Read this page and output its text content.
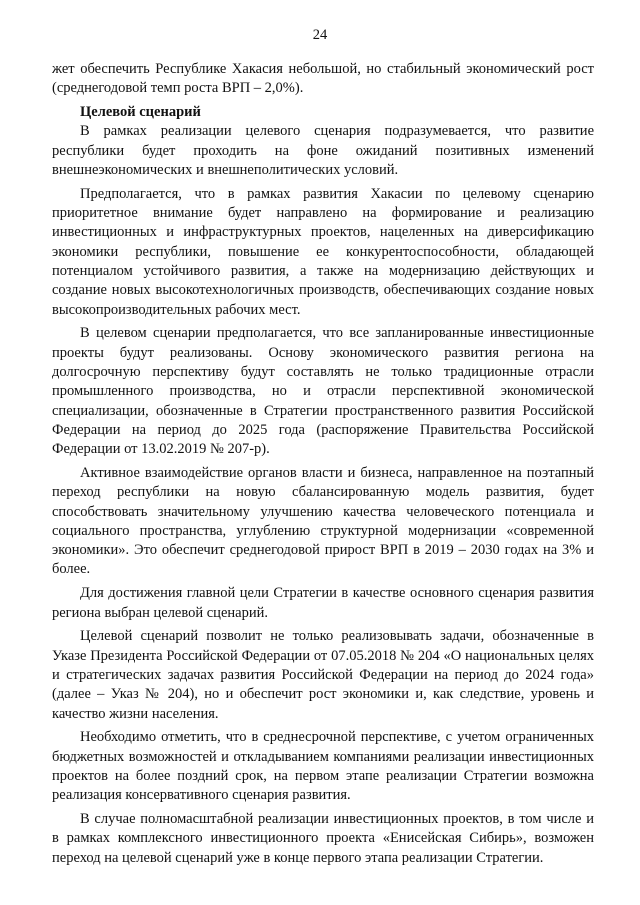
24

жет обеспечить Республике Хакасия небольшой, но стабильный экономический рост (среднегодовой темп роста ВРП – 2,0%).

Целевой сценарий

В рамках реализации целевого сценария подразумевается, что развитие республики будет проходить на фоне ожиданий позитивных изменений внешнеэкономических и внешнеполитических условий.

Предполагается, что в рамках развития Хакасии по целевому сценарию приоритетное внимание будет направлено на формирование и реализацию инвестиционных и инфраструктурных проектов, нацеленных на диверсификацию экономики республики, повышение ее конкурентоспособности, обладающей потенциалом устойчивого развития, а также на модернизацию действующих и создание новых высокотехнологичных производств, обеспечивающих создание новых высокопроизводительных рабочих мест.

В целевом сценарии предполагается, что все запланированные инвестиционные проекты будут реализованы. Основу экономического развития региона на долгосрочную перспективу будут составлять не только традиционные отрасли промышленного производства, но и отрасли перспективной экономической специализации, обозначенные в Стратегии пространственного развития Российской Федерации на период до 2025 года (распоряжение Правительства Российской Федерации от 13.02.2019 № 207-р).

Активное взаимодействие органов власти и бизнеса, направленное на поэтапный переход республики на новую сбалансированную модель развития, будет способствовать значительному улучшению качества человеческого потенциала и социального пространства, углублению структурной модернизации «современной экономики». Это обеспечит среднегодовой прирост ВРП в 2019 – 2030 годах на 3% и более.

Для достижения главной цели Стратегии в качестве основного сценария развития региона выбран целевой сценарий.

Целевой сценарий позволит не только реализовывать задачи, обозначенные в Указе Президента Российской Федерации от 07.05.2018 № 204 «О национальных целях и стратегических задачах развития Российской Федерации на период до 2024 года» (далее – Указ № 204), но и обеспечит рост экономики и, как следствие, уровень и качество жизни населения.

Необходимо отметить, что в среднесрочной перспективе, с учетом ограниченных бюджетных возможностей и откладыванием компаниями реализации инвестиционных проектов на более поздний срок, на первом этапе реализации Стратегии возможна реализация консервативного сценария развития.

В случае полномасштабной реализации инвестиционных проектов, в том числе и в рамках комплексного инвестиционного проекта «Енисейская Сибирь», возможен переход на целевой сценарий уже в конце первого этапа реализации Стратегии.
